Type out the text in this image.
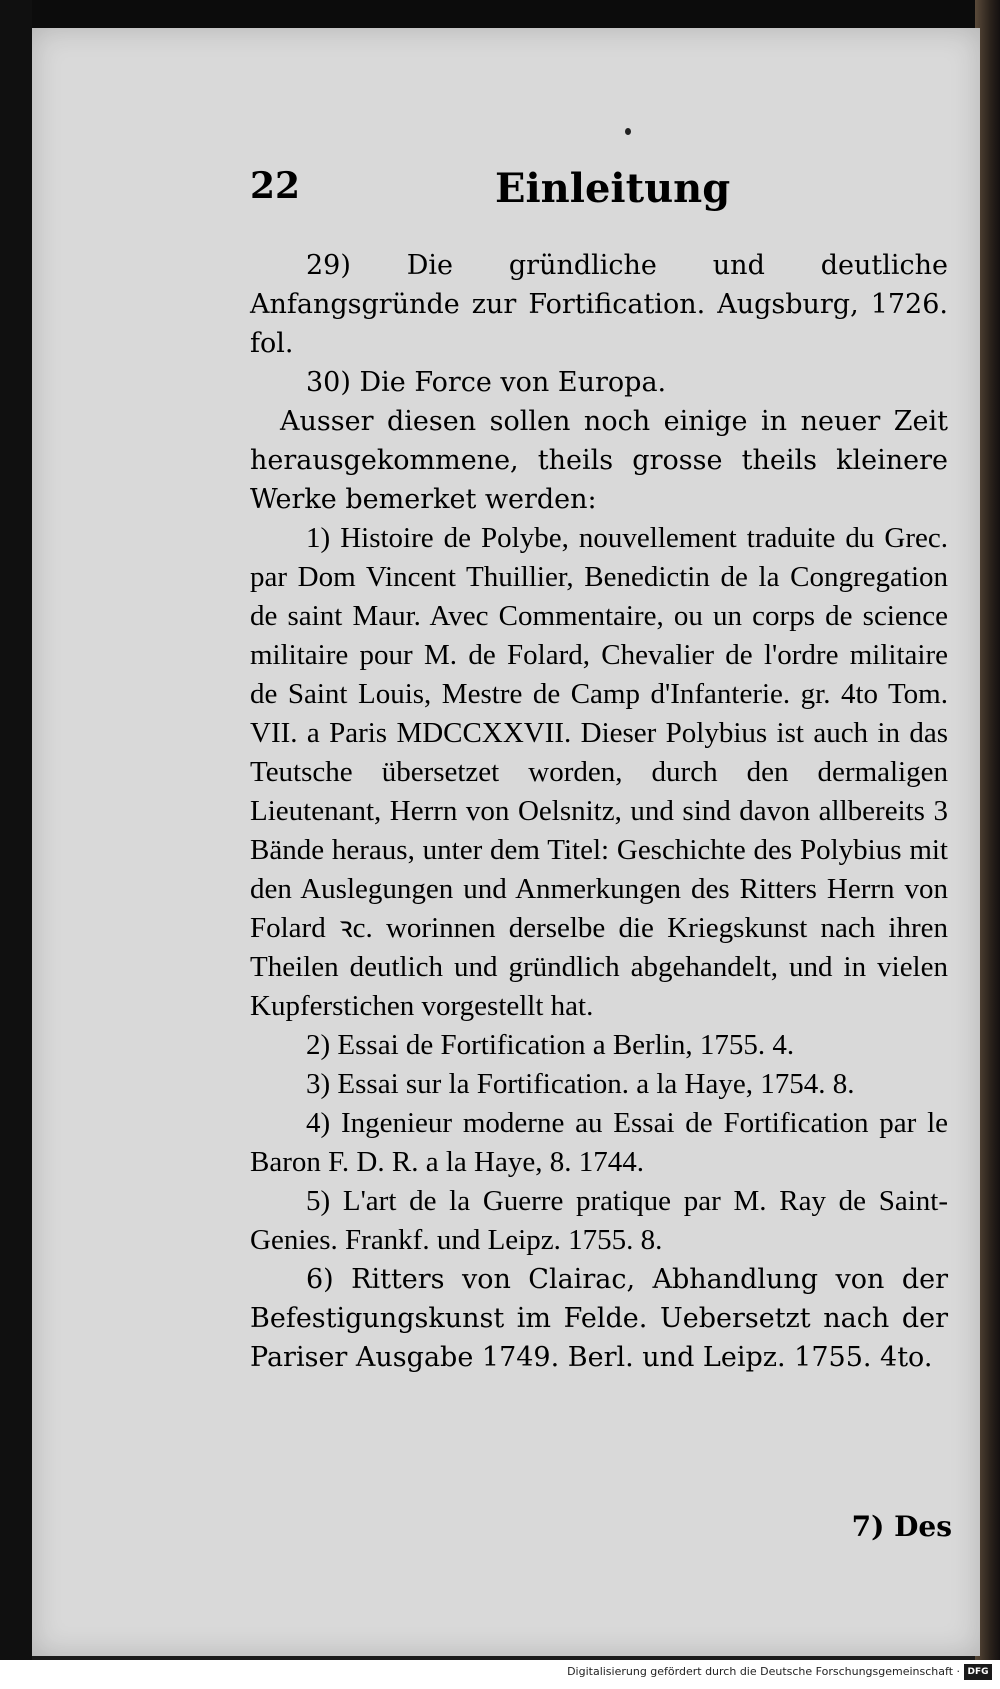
22	Einleitung

29) Die gründliche und deutliche Anfangsgründe zur Fortification. Augsburg, 1726. fol.

30) Die Force von Europa.

Ausser diesen sollen noch einige in neuer Zeit herausgekommene, theils grosse theils kleinere Werke bemerket werden:

1) Histoire de Polybe, nouvellement traduite du Grec. par Dom Vincent Thuillier, Benedictin de la Congregation de saint Maur. Avec Commentaire, ou un corps de science militaire pour M. de Folard, Chevalier de l'ordre militaire de Saint Louis, Mestre de Camp d'Infanterie. gr. 4to Tom. VII. a Paris MDCCXXVII. Dieser Polybius ist auch in das Teutsche übersetzet worden, durch den dermaligen Lieutenant, Herrn von Oelsnitz, und sind davon allbereits 3 Bände heraus, unter dem Titel: Geschichte des Polybius mit den Auslegungen und Anmerkungen des Ritters Herrn von Folard ꝛc. worinnen derselbe die Kriegskunst nach ihren Theilen deutlich und gründlich abgehandelt, und in vielen Kupferstichen vorgestellt hat.

2) Essai de Fortification a Berlin, 1755. 4.

3) Essai sur la Fortification. a la Haye, 1754. 8.

4) Ingenieur moderne au Essai de Fortification par le Baron F. D. R. a la Haye, 8. 1744.

5) L'art de la Guerre pratique par M. Ray de Saint-Genies. Frankf. und Leipz. 1755. 8.

6) Ritters von Clairac, Abhandlung von der Befestigungskunst im Felde. Uebersetzt nach der Pariser Ausgabe 1749. Berl. und Leipz. 1755. 4to.

7) Des
Digitalisierung gefördert durch die Deutsche Forschungsgemeinschaft · DFG
